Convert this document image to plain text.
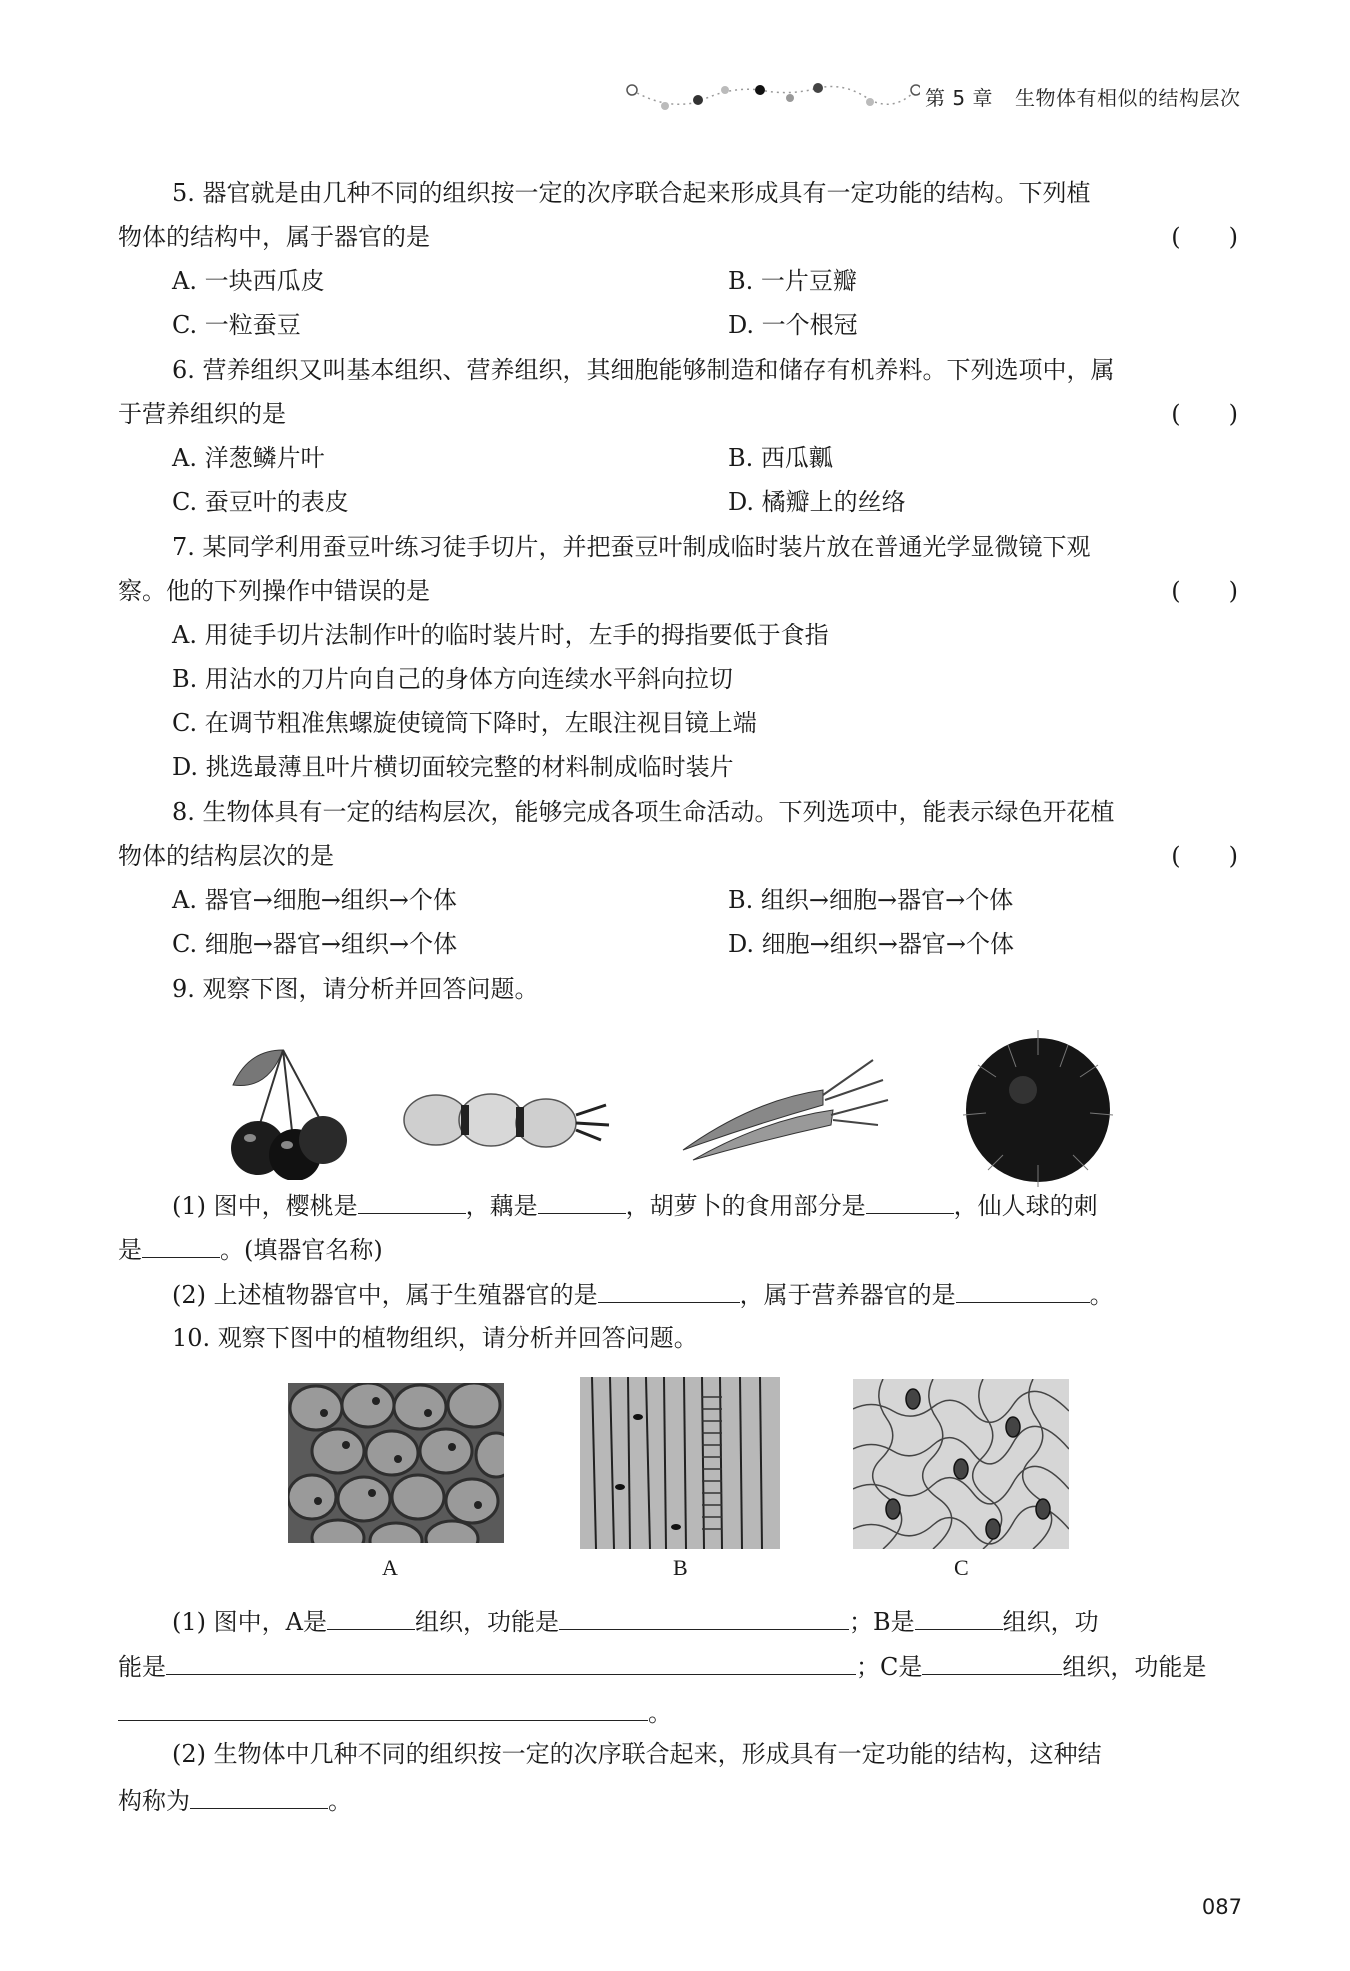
第 5 章 生物体有相似的结构层次
5. 器官就是由几种不同的组织按一定的次序联合起来形成具有一定功能的结构。下列植
物体的结构中，属于器官的是	(　　)
A. 一块西瓜皮	B. 一片豆瓣
C. 一粒蚕豆	D. 一个根冠
6. 营养组织又叫基本组织、营养组织，其细胞能够制造和储存有机养料。下列选项中，属
于营养组织的是	(　　)
A. 洋葱鳞片叶	B. 西瓜瓤
C. 蚕豆叶的表皮	D. 橘瓣上的丝络
7. 某同学利用蚕豆叶练习徒手切片，并把蚕豆叶制成临时装片放在普通光学显微镜下观
察。他的下列操作中错误的是	(　　)
A. 用徒手切片法制作叶的临时装片时，左手的拇指要低于食指
B. 用沾水的刀片向自己的身体方向连续水平斜向拉切
C. 在调节粗准焦螺旋使镜筒下降时，左眼注视目镜上端
D. 挑选最薄且叶片横切面较完整的材料制成临时装片
8. 生物体具有一定的结构层次，能够完成各项生命活动。下列选项中，能表示绿色开花植
物体的结构层次的是	(　　)
A. 器官→细胞→组织→个体	B. 组织→细胞→器官→个体
C. 细胞→器官→组织→个体	D. 细胞→组织→器官→个体
9. 观察下图，请分析并回答问题。
(1) 图中，樱桃是	，藕是	，胡萝卜的食用部分是	，仙人球的刺
是	。(填器官名称)
(2) 上述植物器官中，属于生殖器官的是	，属于营养器官的是	。
10. 观察下图中的植物组织，请分析并回答问题。
A	B	C
(1) 图中，A是	组织，功能是	；B是	组织，功
能是	；C是	组织，功能是
。
(2) 生物体中几种不同的组织按一定的次序联合起来，形成具有一定功能的结构，这种结
构称为	。
087
